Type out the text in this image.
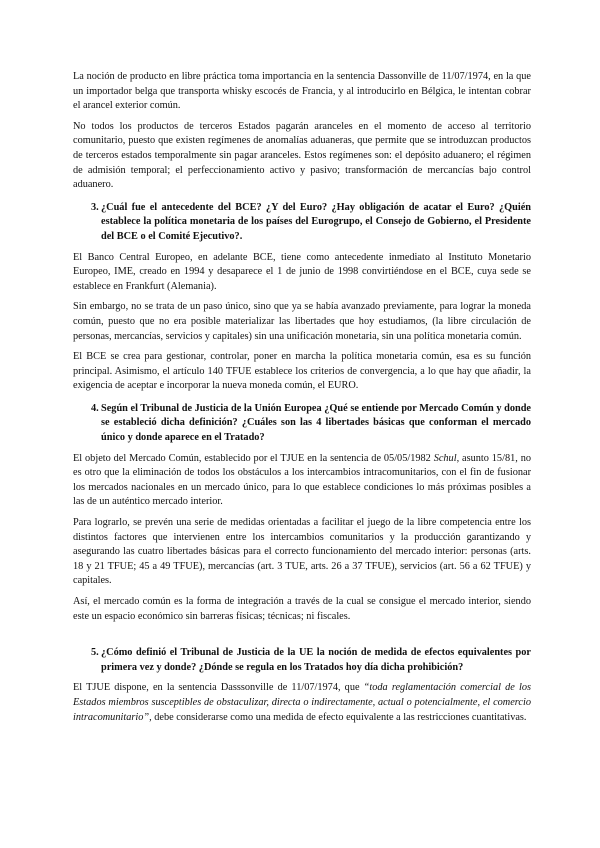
La noción de producto en libre práctica toma importancia en la sentencia Dassonville de 11/07/1974, en la que un importador belga que transporta whisky escocés de Francia, y al introducirlo en Bélgica, le intentan cobrar el arancel exterior común.

No todos los productos de terceros Estados pagarán aranceles en el momento de acceso al territorio comunitario, puesto que existen regímenes de anomalías aduaneras, que permite que se introduzcan productos de terceros estados temporalmente sin pagar aranceles. Estos regímenes son: el depósito aduanero; el régimen de admisión temporal; el perfeccionamiento activo y pasivo; transformación de mercancías bajo control aduanero.

3. ¿Cuál fue el antecedente del BCE? ¿Y del Euro? ¿Hay obligación de acatar el Euro? ¿Quién establece la política monetaria de los países del Eurogrupo, el Consejo de Gobierno, el Presidente del BCE o el Comité Ejecutivo?.

El Banco Central Europeo, en adelante BCE, tiene como antecedente inmediato al Instituto Monetario Europeo, IME, creado en 1994 y desaparece el 1 de junio de 1998 convirtiéndose en el BCE, cuya sede se establece en Frankfurt (Alemania).

Sin embargo, no se trata de un paso único, sino que ya se había avanzado previamente, para lograr la moneda común, puesto que no era posible materializar las libertades que hoy estudiamos, (la libre circulación de personas, mercancías, servicios y capitales) sin una unificación monetaria, sin una política monetaria común.

El BCE se crea para gestionar, controlar, poner en marcha la política monetaria común, esa es su función principal. Asimismo, el artículo 140 TFUE establece los criterios de convergencia, a lo que hay que añadir, la exigencia de aceptar e incorporar la nueva moneda común, el EURO.

4. Según el Tribunal de Justicia de la Unión Europea ¿Qué se entiende por Mercado Común y donde se estableció dicha definición? ¿Cuáles son las 4 libertades básicas que conforman el mercado único y donde aparece en el Tratado?

El objeto del Mercado Común, establecido por el TJUE en la sentencia de 05/05/1982 Schul, asunto 15/81, no es otro que la eliminación de todos los obstáculos a los intercambios intracomunitarios, con el fin de fusionar los mercados nacionales en un mercado único, para lo que establece condiciones lo más próximas posibles a las de un auténtico mercado interior.

Para lograrlo, se prevén una serie de medidas orientadas a facilitar el juego de la libre competencia entre los distintos factores que intervienen entre los intercambios comunitarios y la producción garantizando y asegurando las cuatro libertades básicas para el correcto funcionamiento del mercado interior: personas (arts. 18 y 21 TFUE; 45 a 49 TFUE), mercancías (art. 3 TUE, arts. 26 a 37 TFUE), servicios (art. 56 a 62 TFUE) y capitales.

Así, el mercado común es la forma de integración a través de la cual se consigue el mercado interior, siendo este un espacio económico sin barreras físicas; técnicas; ni fiscales.

5. ¿Cómo definió el Tribunal de Justicia de la UE la noción de medida de efectos equivalentes por primera vez y donde? ¿Dónde se regula en los Tratados hoy día dicha prohibición?

El TJUE dispone, en la sentencia Dasssonville de 11/07/1974, que “toda reglamentación comercial de los Estados miembros susceptibles de obstaculizar, directa o indirectamente, actual o potencialmente, el comercio intracomunitario”, debe considerarse como una medida de efecto equivalente a las restricciones cuantitativas.
